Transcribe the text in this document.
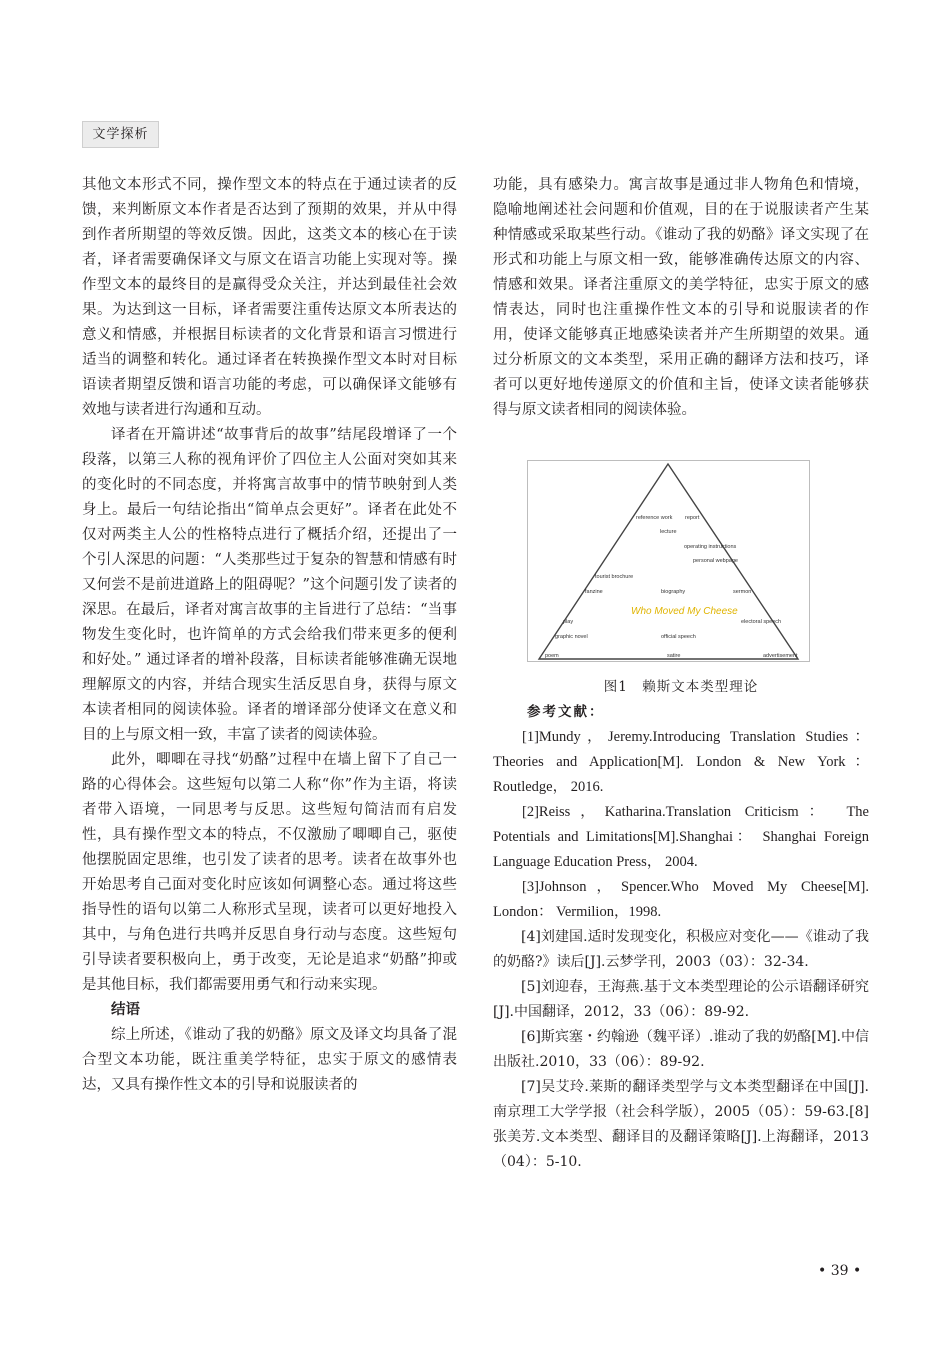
文学探析

其他文本形式不同，操作型文本的特点在于通过读者的反馈，来判断原文本作者是否达到了预期的效果，并从中得到作者所期望的等效反馈。因此，这类文本的核心在于读者，译者需要确保译文与原文在语言功能上实现对等。操作型文本的最终目的是赢得受众关注，并达到最佳社会效果。为达到这一目标，译者需要注重传达原文本所表达的意义和情感，并根据目标读者的文化背景和语言习惯进行适当的调整和转化。通过译者在转换操作型文本时对目标语读者期望反馈和语言功能的考虑，可以确保译文能够有效地与读者进行沟通和互动。

译者在开篇讲述“故事背后的故事”结尾段增译了一个段落，以第三人称的视角评价了四位主人公面对突如其来的变化时的不同态度，并将寓言故事中的情节映射到人类身上。最后一句结论指出“简单点会更好”。译者在此处不仅对两类主人公的性格特点进行了概括介绍，还提出了一个引人深思的问题：“人类那些过于复杂的智慧和情感有时又何尝不是前进道路上的阻碍呢？”这个问题引发了读者的深思。在最后，译者对寓言故事的主旨进行了总结：“当事物发生变化时，也许简单的方式会给我们带来更多的便利和好处。” 通过译者的增补段落，目标读者能够准确无误地理解原文的内容，并结合现实生活反思自身，获得与原文本读者相同的阅读体验。译者的增译部分使译文在意义和目的上与原文相一致，丰富了读者的阅读体验。

此外，唧唧在寻找“奶酪”过程中在墙上留下了自己一路的心得体会。这些短句以第二人称“你”作为主语，将读者带入语境，一同思考与反思。这些短句简洁而有启发性，具有操作型文本的特点，不仅激励了唧唧自己，驱使他摆脱固定思维，也引发了读者的思考。读者在故事外也开始思考自己面对变化时应该如何调整心态。通过将这些指导性的语句以第二人称形式呈现，读者可以更好地投入其中，与角色进行共鸣并反思自身行动与态度。这些短句引导读者要积极向上，勇于改变，无论是追求“奶酪”抑或是其他目标，我们都需要用勇气和行动来实现。

结语

综上所述，《谁动了我的奶酪》原文及译文均具备了混合型文本功能，既注重美学特征，忠实于原文的感情表达，又具有操作性文本的引导和说服读者的

功能，具有感染力。寓言故事是通过非人物角色和情境，隐喻地阐述社会问题和价值观，目的在于说服读者产生某种情感或采取某些行动。《谁动了我的奶酪》译文实现了在形式和功能上与原文相一致，能够准确传达原文的内容、情感和效果。译者注重原文的美学特征，忠实于原文的感情表达，同时也注重操作性文本的引导和说服读者的作用，使译文能够真正地感染读者并产生所期望的效果。通过分析原文的文本类型，采用正确的翻译方法和技巧，译者可以更好地传递原文的价值和主旨，使译文读者能够获得与原文读者相同的阅读体验。

reference work report
lecture
operating instructions
personal webpage
tourist brochure
fanzine	biography	sermon
Who Moved My Cheese
play	electoral speech
graphic novel	official speech
poem	satire	advertisement
图1　赖斯文本类型理论
参考文献：

[1]Mundy，Jeremy.Introducing Translation Studies：Theories and Application[M]. London & New York：Routledge， 2016.

[2]Reiss，Katharina.Translation Criticism： The Potentials and Limitations[M].Shanghai： Shanghai Foreign Language Education Press， 2004.

[3]Johnson，Spencer.Who Moved My Cheese[M]. London： Vermilion，1998.

[4]刘建国.适时发现变化，积极应对变化——《谁动了我的奶酪?》读后[J].云梦学刊，2003（03）：32-34.

[5]刘迎春，王海燕.基于文本类型理论的公示语翻译研究[J].中国翻译，2012，33（06）：89-92.

[6]斯宾塞・约翰逊（魏平译）.谁动了我的奶酪[M].中信出版社.2010，33（06）：89-92.

[7]吴艾玲.莱斯的翻译类型学与文本类型翻译在中国[J].南京理工大学学报（社会科学版），2005（05）：59-63.[8]张美芳.文本类型、翻译目的及翻译策略[J].上海翻译，2013（04）：5-10.

• 39 •
